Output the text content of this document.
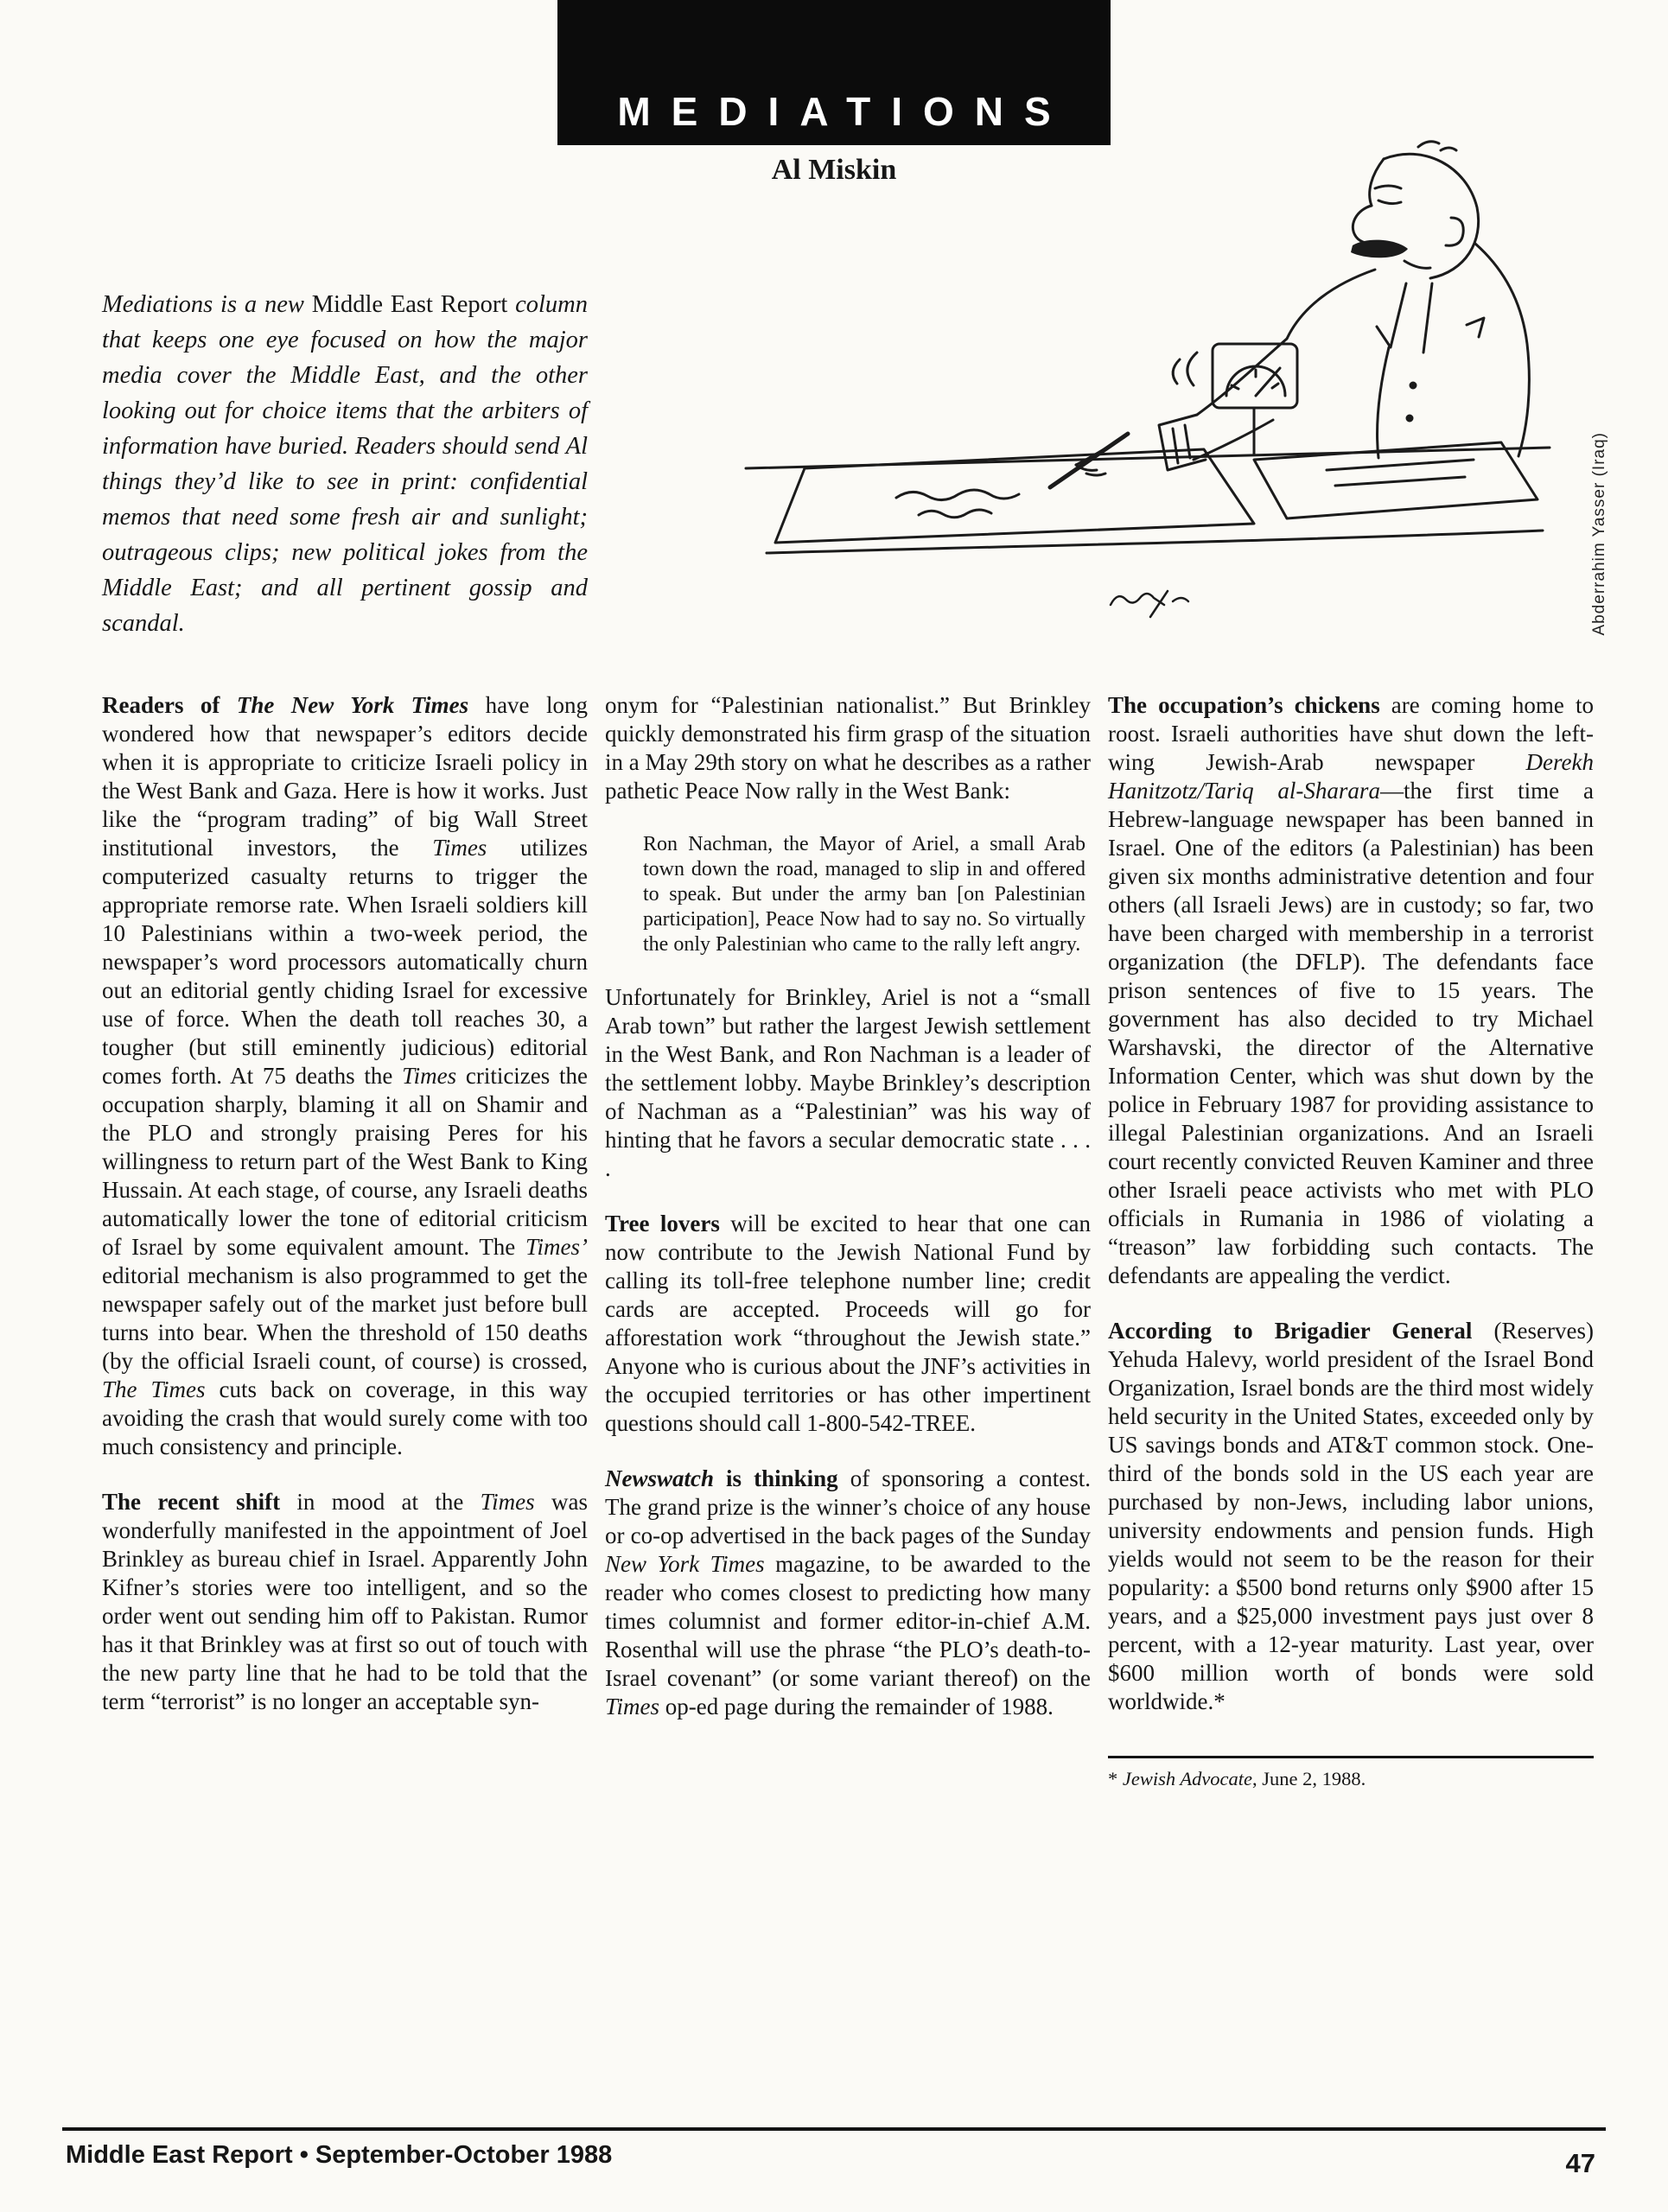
MEDIATIONS
Al Miskin
Mediations is a new Middle East Report column that keeps one eye focused on how the major media cover the Middle East, and the other looking out for choice items that the arbiters of information have buried. Readers should send Al things they’d like to see in print: confidential memos that need some fresh air and sunlight; outrageous clips; new political jokes from the Middle East; and all pertinent gossip and scandal.	Abderrahim Yasser (Iraq)

Readers of The New York Times have long wondered how that newspaper’s editors decide when it is appropriate to criticize Israeli policy in the West Bank and Gaza. Here is how it works. Just like the “program trading” of big Wall Street institutional investors, the Times utilizes computerized casualty returns to trigger the appropriate remorse rate. When Israeli soldiers kill 10 Palestinians within a two-week period, the newspaper’s word processors automatically churn out an editorial gently chiding Israel for excessive use of force. When the death toll reaches 30, a tougher (but still eminently judicious) editorial comes forth. At 75 deaths the Times criticizes the occupation sharply, blaming it all on Shamir and the PLO and strongly praising Peres for his willingness to return part of the West Bank to King Hussain. At each stage, of course, any Israeli deaths automatically lower the tone of editorial criticism of Israel by some equivalent amount. The Times’ editorial mechanism is also programmed to get the newspaper safely out of the market just before bull turns into bear. When the threshold of 150 deaths (by the official Israeli count, of course) is crossed, The Times cuts back on coverage, in this way avoiding the crash that would surely come with too much consistency and principle.

The recent shift in mood at the Times was wonderfully manifested in the appointment of Joel Brinkley as bureau chief in Israel. Apparently John Kifner’s stories were too intelligent, and so the order went out sending him off to Pakistan. Rumor has it that Brinkley was at first so out of touch with the new party line that he had to be told that the term “terrorist” is no longer an acceptable syn-

onym for “Palestinian nationalist.” But Brinkley quickly demonstrated his firm grasp of the situation in a May 29th story on what he describes as a rather pathetic Peace Now rally in the West Bank:

Ron Nachman, the Mayor of Ariel, a small Arab town down the road, managed to slip in and offered to speak. But under the army ban [on Palestinian participation], Peace Now had to say no. So virtually the only Palestinian who came to the rally left angry.

Unfortunately for Brinkley, Ariel is not a “small Arab town” but rather the largest Jewish settlement in the West Bank, and Ron Nachman is a leader of the settlement lobby. Maybe Brinkley’s description of Nachman as a “Palestinian” was his way of hinting that he favors a secular democratic state . . . .

Tree lovers will be excited to hear that one can now contribute to the Jewish National Fund by calling its toll-free telephone number line; credit cards are accepted. Proceeds will go for afforestation work “throughout the Jewish state.” Anyone who is curious about the JNF’s activities in the occupied territories or has other impertinent questions should call 1-800-542-TREE.

Newswatch is thinking of sponsoring a contest. The grand prize is the winner’s choice of any house or co-op advertised in the back pages of the Sunday New York Times magazine, to be awarded to the reader who comes closest to predicting how many times columnist and former editor-in-chief A.M. Rosenthal will use the phrase “the PLO’s death-to-Israel covenant” (or some variant thereof) on the Times op-ed page during the remainder of 1988.

The occupation’s chickens are coming home to roost. Israeli authorities have shut down the left-wing Jewish-Arab newspaper Derekh Hanitzotz/Tariq al-Sharara—the first time a Hebrew-language newspaper has been banned in Israel. One of the editors (a Palestinian) has been given six months administrative detention and four others (all Israeli Jews) are in custody; so far, two have been charged with membership in a terrorist organization (the DFLP). The defendants face prison sentences of five to 15 years. The government has also decided to try Michael Warshavski, the director of the Alternative Information Center, which was shut down by the police in February 1987 for providing assistance to illegal Palestinian organizations. And an Israeli court recently convicted Reuven Kaminer and three other Israeli peace activists who met with PLO officials in Rumania in 1986 of violating a “treason” law forbidding such contacts. The defendants are appealing the verdict.

According to Brigadier General (Reserves) Yehuda Halevy, world president of the Israel Bond Organization, Israel bonds are the third most widely held security in the United States, exceeded only by US savings bonds and AT&T common stock. One-third of the bonds sold in the US each year are purchased by non-Jews, including labor unions, university endowments and pension funds. High yields would not seem to be the reason for their popularity: a $500 bond returns only $900 after 15 years, and a $25,000 investment pays just over 8 percent, with a 12-year maturity. Last year, over $600 million worth of bonds were sold worldwide.*

* Jewish Advocate, June 2, 1988.
Middle East Report • September-October 1988	47
